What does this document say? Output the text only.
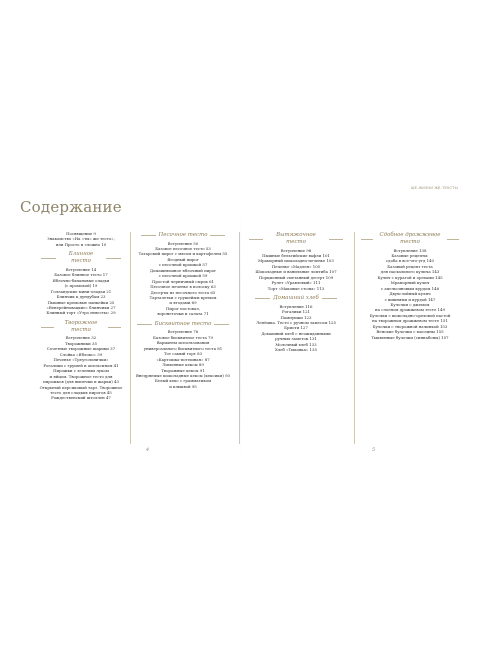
ШЕ-ЖИЗНИ ЖЕ-ТЕКСТЫ
Содержание
Посвящение 9
Знакомство «На «ты» же тесто»,
или Просто и сложно 10
Блинное тесто
Вступление 14
Базовое блинное тесто 17
Яблочно-банановые оладьи
(с промокой) 19
Голландские мини-оладьи 21
Блинчик к дундубам 23
Пышные кремовые панкейки 25
«Венерейновацкие» блинчики 27
Блинный торт «Утро невесты» 29
Творожное тесто
Вступление 32
Творожники 35
Сочетные творожные шарики 37
Слойка «Яблоко» 39
Печенье «Треугольнички»
Рогалики с грушей и апельсином 41
Пирожки с зеленым луком
и яйцом. Творожное тесто для
пирожков (для выпечки и жарки) 43
Открытый персиковый тарт. Творожное
тесто для сладких пирогов 45
Рождественский штоллен 47
Песочное тесто
Вступление 50
Базовое песочное тесто 53
Татарский пирог с мясом и картофелем 55
Ягодный пирог
с песочной крошкой 57
Домашнюшное яблочный пирог
с песочной крошкой 59
Простой черничный сырок 61
Песочное печенье в полоску 63
Десерты из песочного теста 65
Тарталетки с грушейым кремом
и ягодами 69
Пирог постовал,
воронеточки и салата 71
Бисквитное тесто
Вступление 76
Базовое бисквитное теста 79
Варианты использования
универсального бисквитного теста 81
Тот самый торт 83
«Картошка-потешная» 87
Лимонные кексы 89
Творожные кексы 91
Внедряемые шоколадные кексы (кексики) 93
Белый кекс с грамматиком
и клыквой 95
Вытяжочное тесто
Вступление 98
Пышные бельгийские вафли 101
Мраморный шоколадно-печенье 103
Печенье «Мадлен» 105
Шоколадные и ванильные ломтиба 107
Порционный сметанный десерт 109
Рулет «Уравлевый» 111
Торт «Маковые столы» 113
Домашний хлеб
Вступление 116
Рогалики 121
Пампушки 123
Лепёшка. Тесто с ручном замесом 125
Бриоти 127
Домашний хлеб с неожиданными
ручных заметок 131
Молочный хлеб 133
Хлеб «Тыковка» 135
Сдобное дрожжевое тесто
Вступление 138
Базовые рецепты:
сдоба в все-что-угд 140
Базовый рецепт теста
для пасхального кулича 143
Кулич с курагой и орехами 145
Мраморный кулич
с апельсиновым курдом 146
Двухслойный кулич
с вишнями и курдой 147
Булочки с джемом
на слоеном дрожжевом тесте 149
Булочки с шоколадно-ореховой пастой
на творожном дрожжевом тесте 151
Булочки с творожной начинкой 153
Венские булочки с маслины 155
Тыквенные булочки (синнабоны) 157
4	5
